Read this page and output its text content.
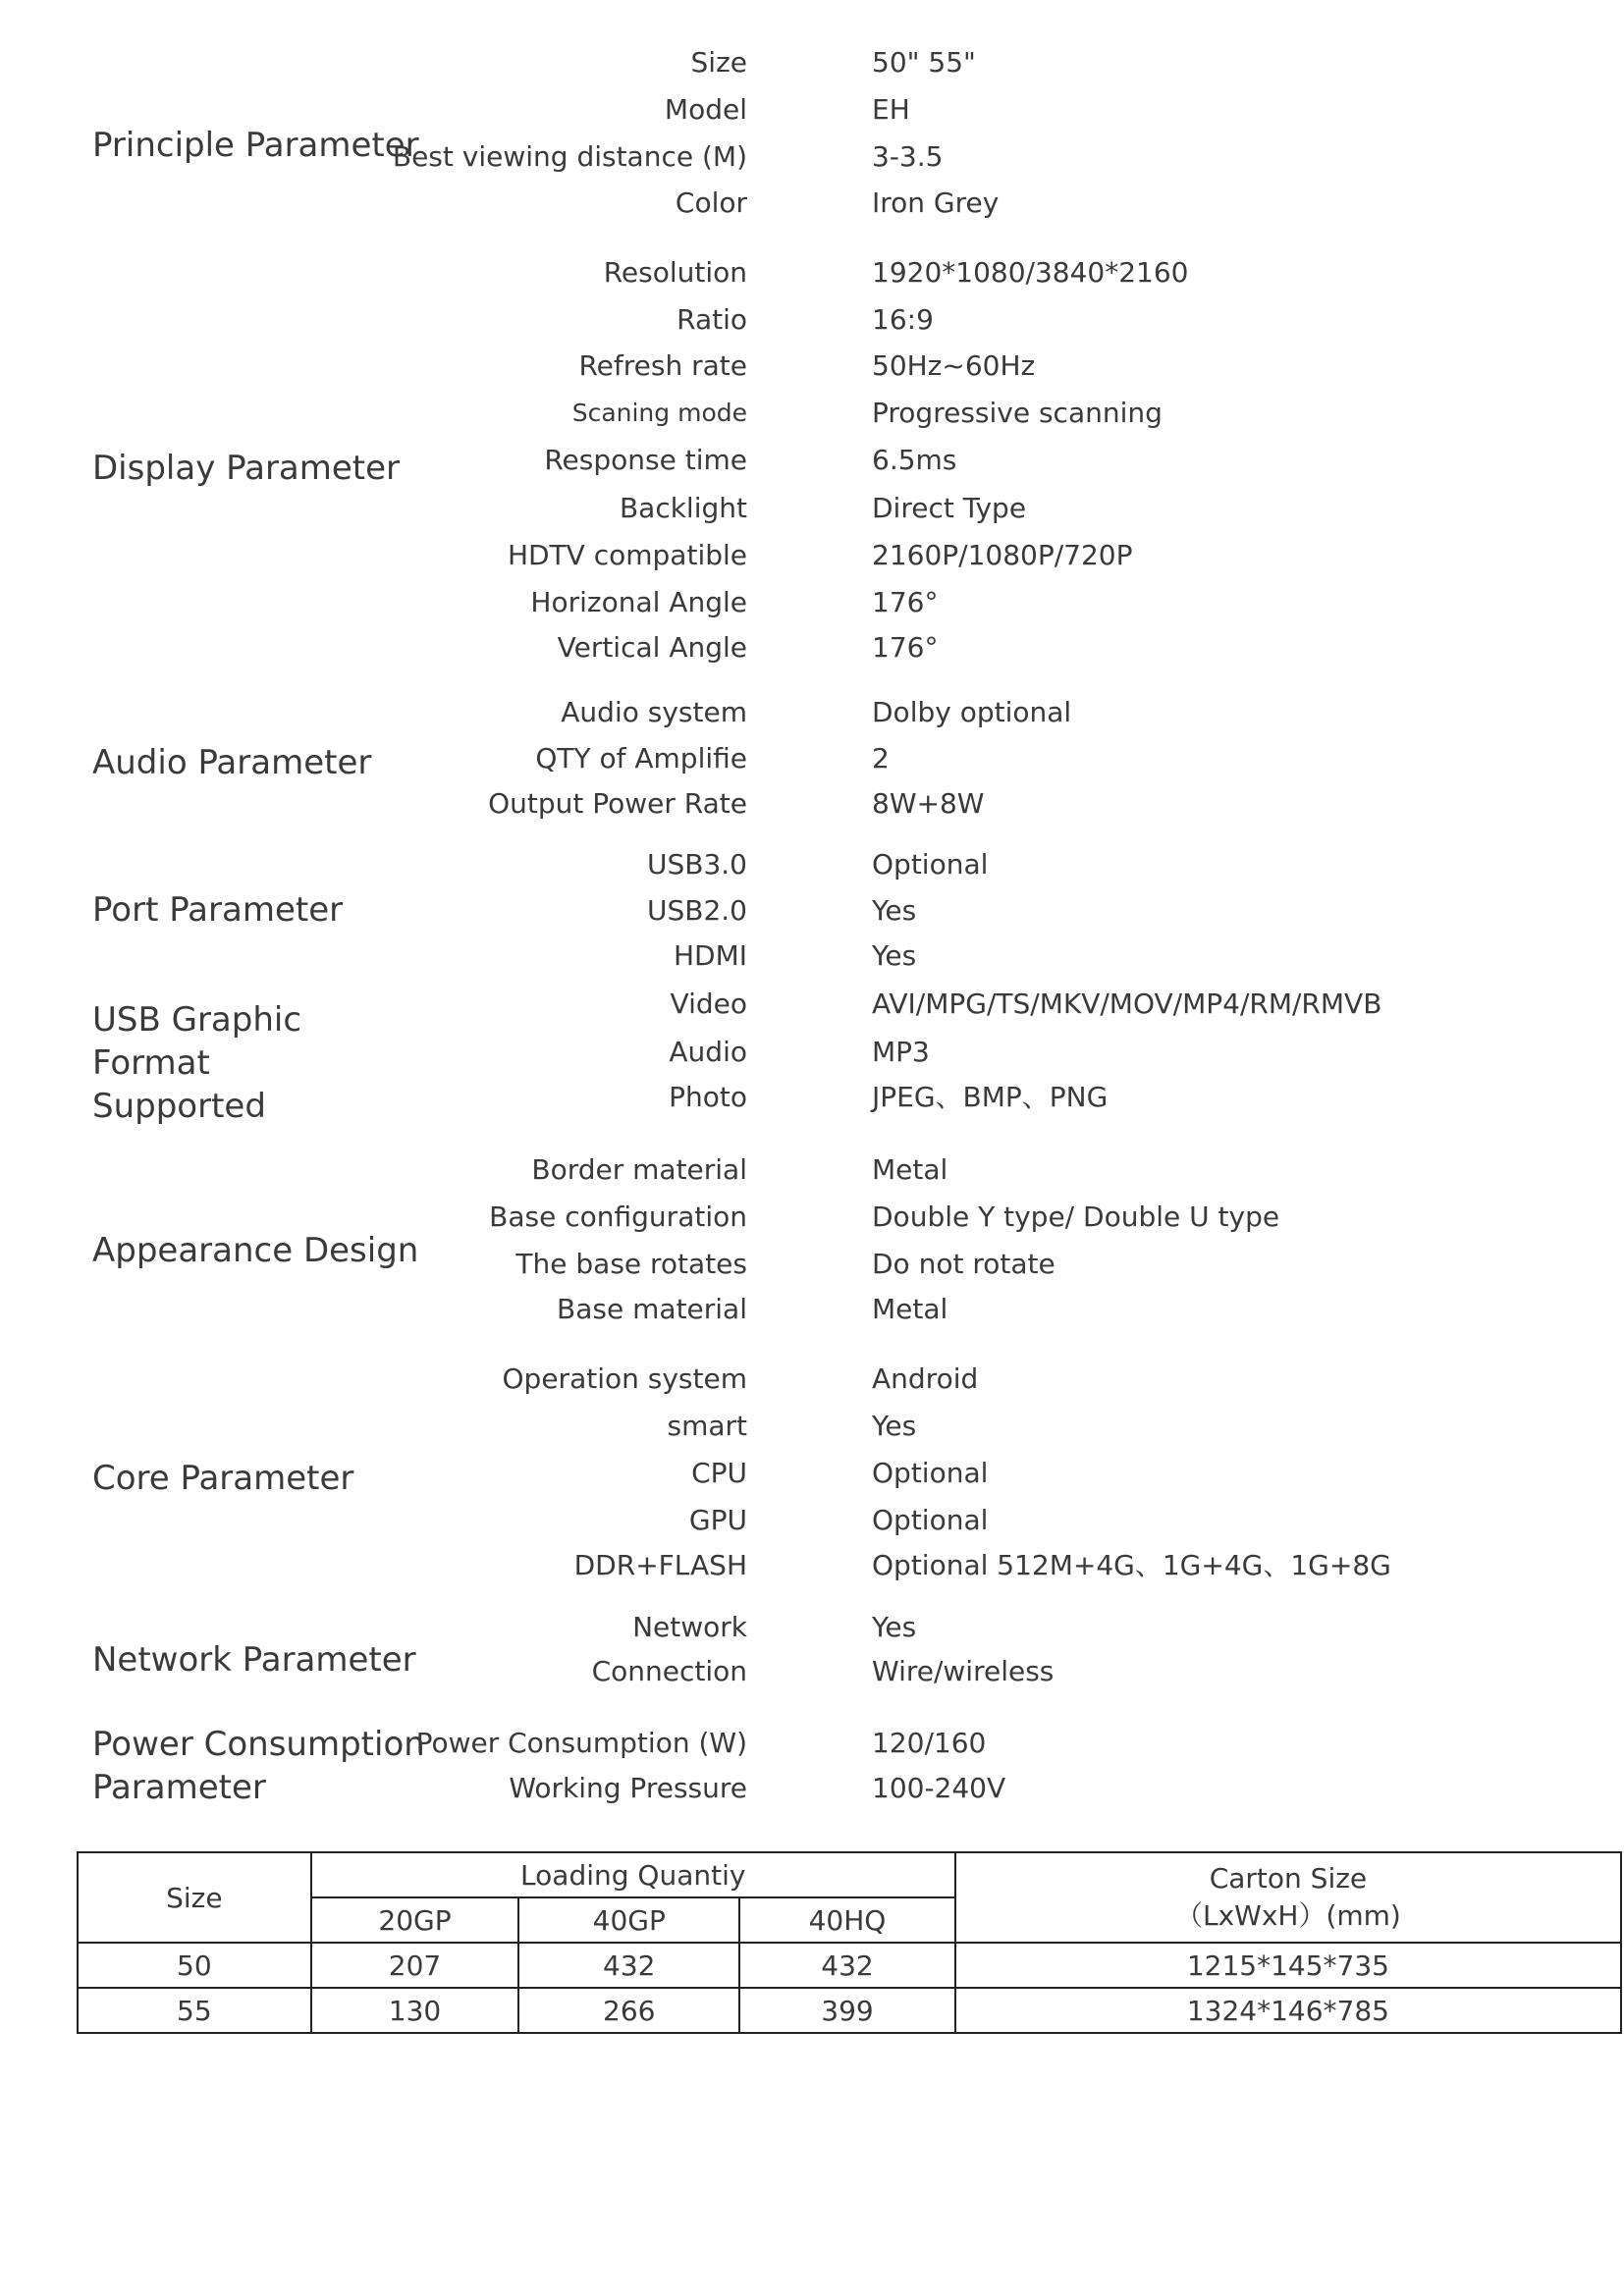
Principle Parameter
Size	50" 55"
Model	EH
Best viewing distance (M)	3-3.5
Color	Iron Grey
Display Parameter
Resolution	1920*1080/3840*2160
Ratio	16:9
Refresh rate	50Hz~60Hz
Scaning mode	Progressive scanning
Response time	6.5ms
Backlight	Direct Type
HDTV compatible	2160P/1080P/720P
Horizonal Angle	176°
Vertical Angle	176°
Audio Parameter
Audio system	Dolby optional
QTY of Amplifie	2
Output Power Rate	8W+8W
Port Parameter
USB3.0	Optional
USB2.0	Yes
HDMI	Yes
USB Graphic Format
Supported
Video	AVI/MPG/TS/MKV/MOV/MP4/RM/RMVB
Audio	MP3
Photo	JPEG、BMP、PNG
Appearance Design
Border material	Metal
Base configuration	Double Y type/ Double U type
The base rotates	Do not rotate
Base material	Metal
Core Parameter
Operation system	Android
smart	Yes
CPU	Optional
GPU	Optional
DDR+FLASH	Optional 512M+4G、1G+4G、1G+8G
Network Parameter
Network	Yes
Connection	Wire/wireless
Power Consumption
Parameter
Power Consumption (W)	120/160
Working Pressure	100-240V
Size	Loading Quantiy			Carton Size
（LxWxH）(mm)

	20GP	40GP	40HQ	
50	207	432	432	1215*145*735
55	130	266	399	1324*146*785
